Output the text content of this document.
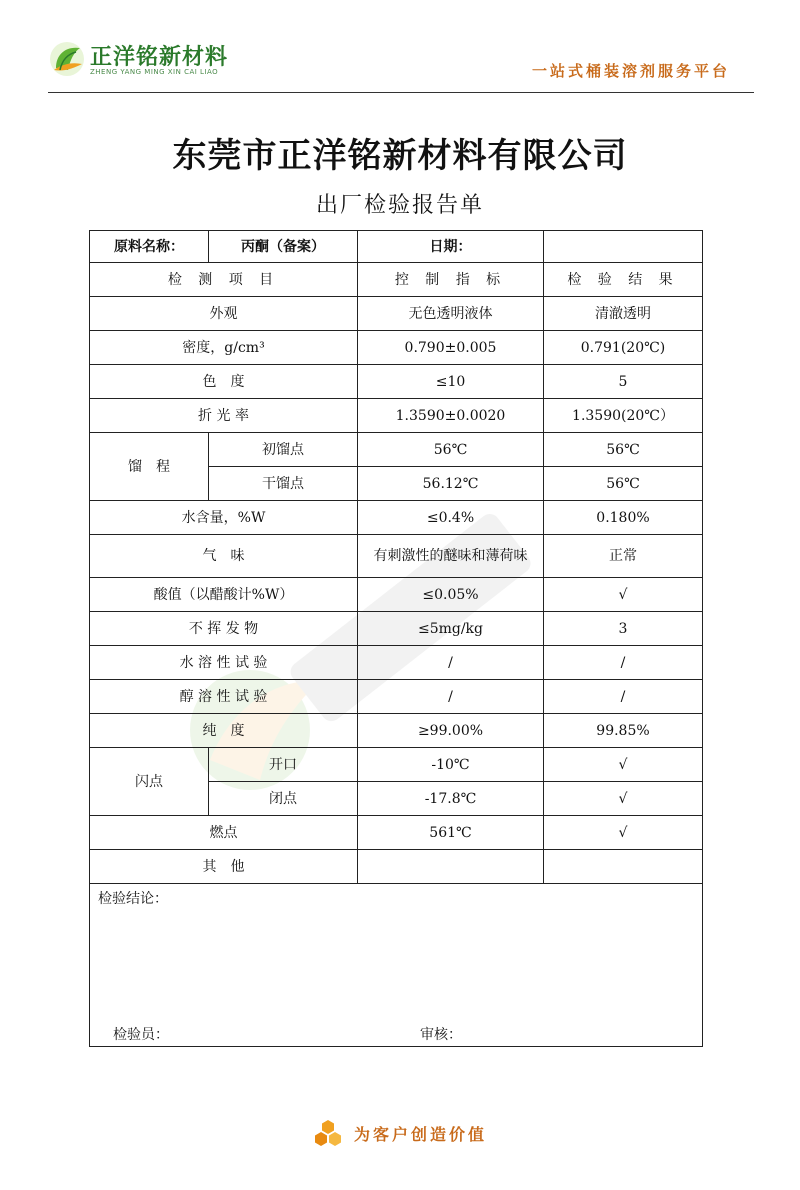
正洋铭新材料
ZHENG YANG MING XIN CAI LIAO	一站式桶装溶剂服务平台
东莞市正洋铭新材料有限公司
出厂检验报告单
原料名称：	丙酮（备案）	日期：	
检 测 项 目		控 制 指 标	检 验 结 果
外观		无色透明液体	清澈透明
密度，g/cm³		0.790±0.005	0.791(20℃)
色　度		≤10	5
折 光 率		1.3590±0.0020	1.3590(20℃）
馏　程	初馏点	56℃	56℃
	干馏点	56.12℃	56℃
水含量，%W		≤0.4%	0.180%
气　味		有刺激性的醚味和薄荷味	正常
酸值（以醋酸计%W）		≤0.05%	√
不 挥 发 物		≤5mg/kg	3
水 溶 性 试 验		/	/
醇 溶 性 试 验		/	/
纯　度		≥99.00%	99.85%
闪点	开口	-10℃	√
	闭点	-17.8℃	√
燃点		561℃	√
其　他			
检验结论：			
检验员：	审核：
为客户创造价值
